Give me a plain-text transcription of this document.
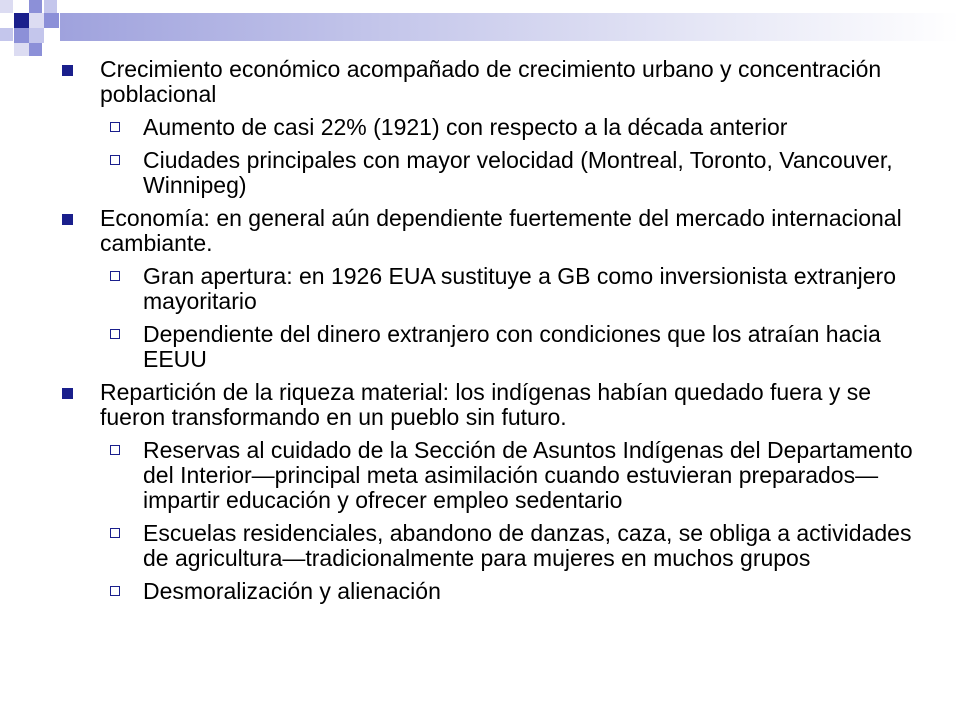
Crecimiento económico acompañado de crecimiento urbano y concentración poblacional
Aumento de casi 22% (1921) con respecto a la década anterior
Ciudades principales con mayor velocidad (Montreal, Toronto, Vancouver, Winnipeg)
Economía: en general aún dependiente fuertemente del mercado internacional cambiante.
Gran apertura: en 1926 EUA sustituye a GB como inversionista extranjero mayoritario
Dependiente del dinero extranjero con condiciones que los atraían hacia EEUU
Repartición de la riqueza material: los indígenas habían quedado fuera y se fueron transformando en un pueblo sin futuro.
Reservas al cuidado de la Sección de Asuntos Indígenas del Departamento del Interior—principal meta asimilación cuando estuvieran preparados—impartir educación y ofrecer empleo sedentario
Escuelas residenciales, abandono de danzas, caza, se obliga a actividades de agricultura—tradicionalmente para mujeres en muchos grupos
Desmoralización y alienación
